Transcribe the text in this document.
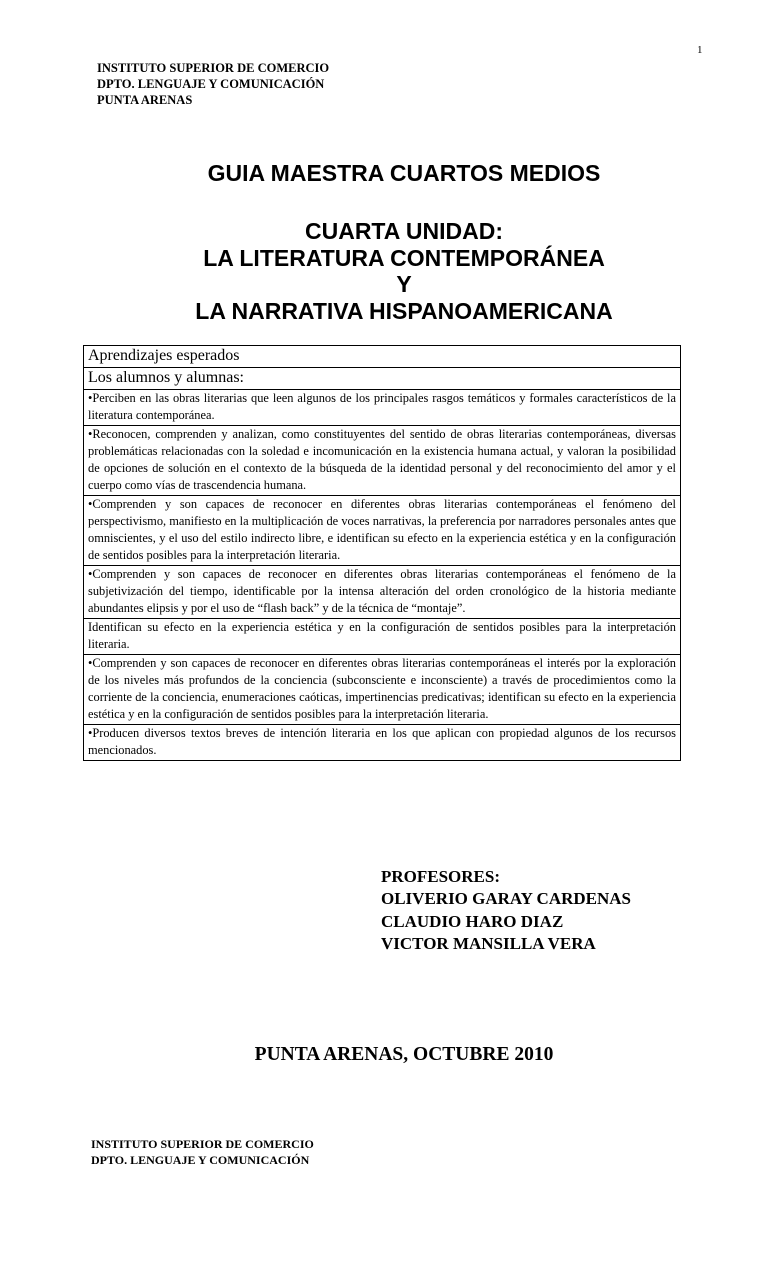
1
INSTITUTO SUPERIOR DE COMERCIO
DPTO. LENGUAJE Y COMUNICACIÓN
PUNTA ARENAS
GUIA MAESTRA CUARTOS MEDIOS
CUARTA UNIDAD:
LA LITERATURA CONTEMPORÁNEA
Y
LA NARRATIVA HISPANOAMERICANA
Aprendizajes esperados
Los alumnos y alumnas:
•Perciben en las obras literarias que leen algunos de los principales rasgos temáticos y formales característicos de la literatura contemporánea.
•Reconocen, comprenden y analizan, como constituyentes del sentido de obras literarias contemporáneas, diversas problemáticas relacionadas con la soledad e incomunicación en la existencia humana actual, y valoran la posibilidad de opciones de solución en el contexto de la búsqueda de la identidad personal y del reconocimiento del amor y el cuerpo como vías de trascendencia humana.
•Comprenden y son capaces de reconocer en diferentes obras literarias contemporáneas el fenómeno del perspectivismo, manifiesto en la multiplicación de voces narrativas, la preferencia por narradores personales antes que omniscientes, y el uso del estilo indirecto libre, e identifican su efecto en la experiencia estética y en la configuración de sentidos posibles para la interpretación literaria.
•Comprenden y son capaces de reconocer en diferentes obras literarias contemporáneas el fenómeno de la subjetivización del tiempo, identificable por la intensa alteración del orden cronológico de la historia mediante abundantes elipsis y por el uso de “flash back” y de la técnica de “montaje”.
Identifican su efecto en la experiencia estética y en la configuración de sentidos posibles para la interpretación literaria.
•Comprenden y son capaces de reconocer en diferentes obras literarias contemporáneas el interés por la exploración de los niveles más profundos de la conciencia (subconsciente e inconsciente) a través de procedimientos como la corriente de la conciencia, enumeraciones caóticas, impertinencias predicativas; identifican su efecto en la experiencia estética y en la configuración de sentidos posibles para la interpretación literaria.
•Producen diversos textos breves de intención literaria en los que aplican con propiedad algunos de los recursos mencionados.
PROFESORES:
OLIVERIO GARAY CARDENAS
CLAUDIO HARO DIAZ
VICTOR MANSILLA VERA
PUNTA ARENAS, OCTUBRE 2010
INSTITUTO SUPERIOR DE COMERCIO
DPTO. LENGUAJE Y COMUNICACIÓN
